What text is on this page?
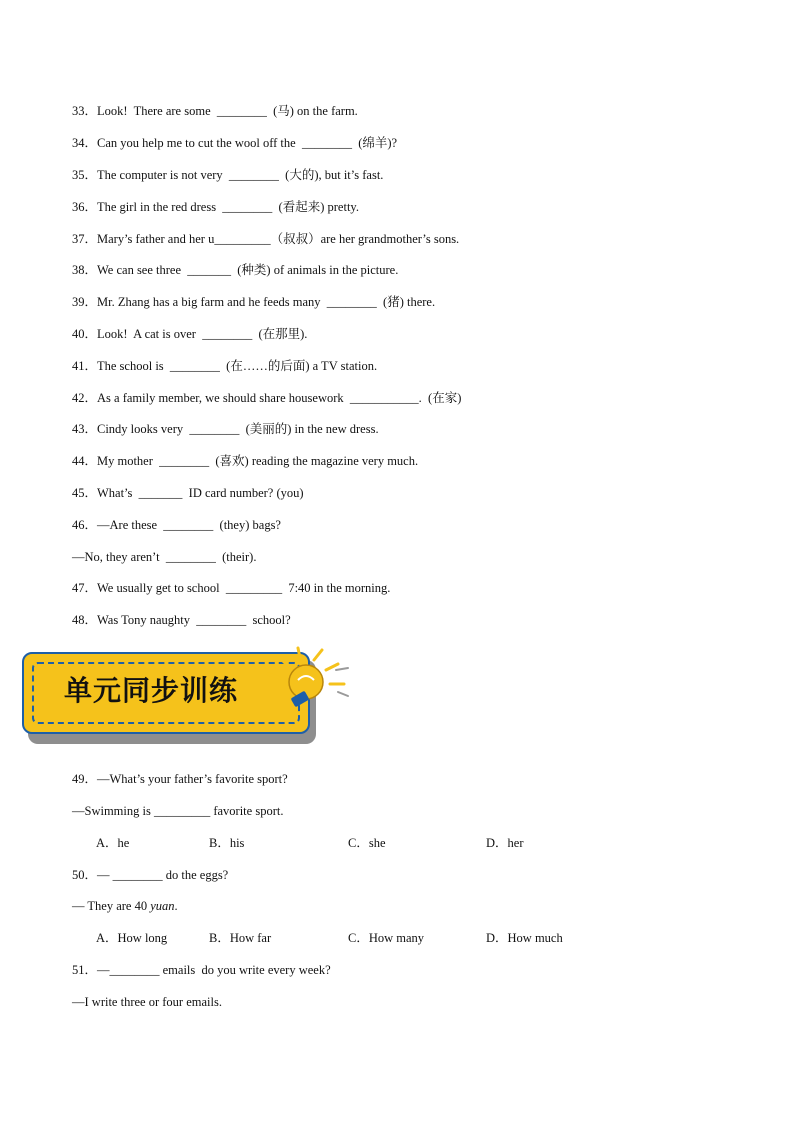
33．Look!  There are some  ________  (马) on the farm.
34．Can you help me to cut the wool off the  ________  (绵羊)?
35．The computer is not very  ________  (大的), but it’s fast.
36．The girl in the red dress  ________  (看起来) pretty.
37．Mary’s father and her u_________（叔叔）are her grandmother’s sons.
38．We can see three  _______  (种类) of animals in the picture.
39．Mr. Zhang has a big farm and he feeds many  ________  (猪) there.
40．Look!  A cat is over  ________  (在那里).
41．The school is  ________  (在……的后面) a TV station.
42．As a family member, we should share housework  ___________.  (在家)
43．Cindy looks very  ________  (美丽的) in the new dress.
44．My mother  ________  (喜欢) reading the magazine very much.
45．What’s  _______  ID card number? (you)
46．—Are these  ________  (they) bags?
—No, they aren’t  ________  (their).
47．We usually get to school  _________  7:40 in the morning.
48．Was Tony naughty  ________  school?
单元同步训练
49．—What’s your father’s favorite sport?
—Swimming is _________ favorite sport.
A．he	B．his	C．she	D．her
50．— ________ do the eggs?
— They are 40 yuan.
A．How long	B．How far	C．How many	D．How much
51．—________ emails  do you write every week?
—I write three or four emails.
